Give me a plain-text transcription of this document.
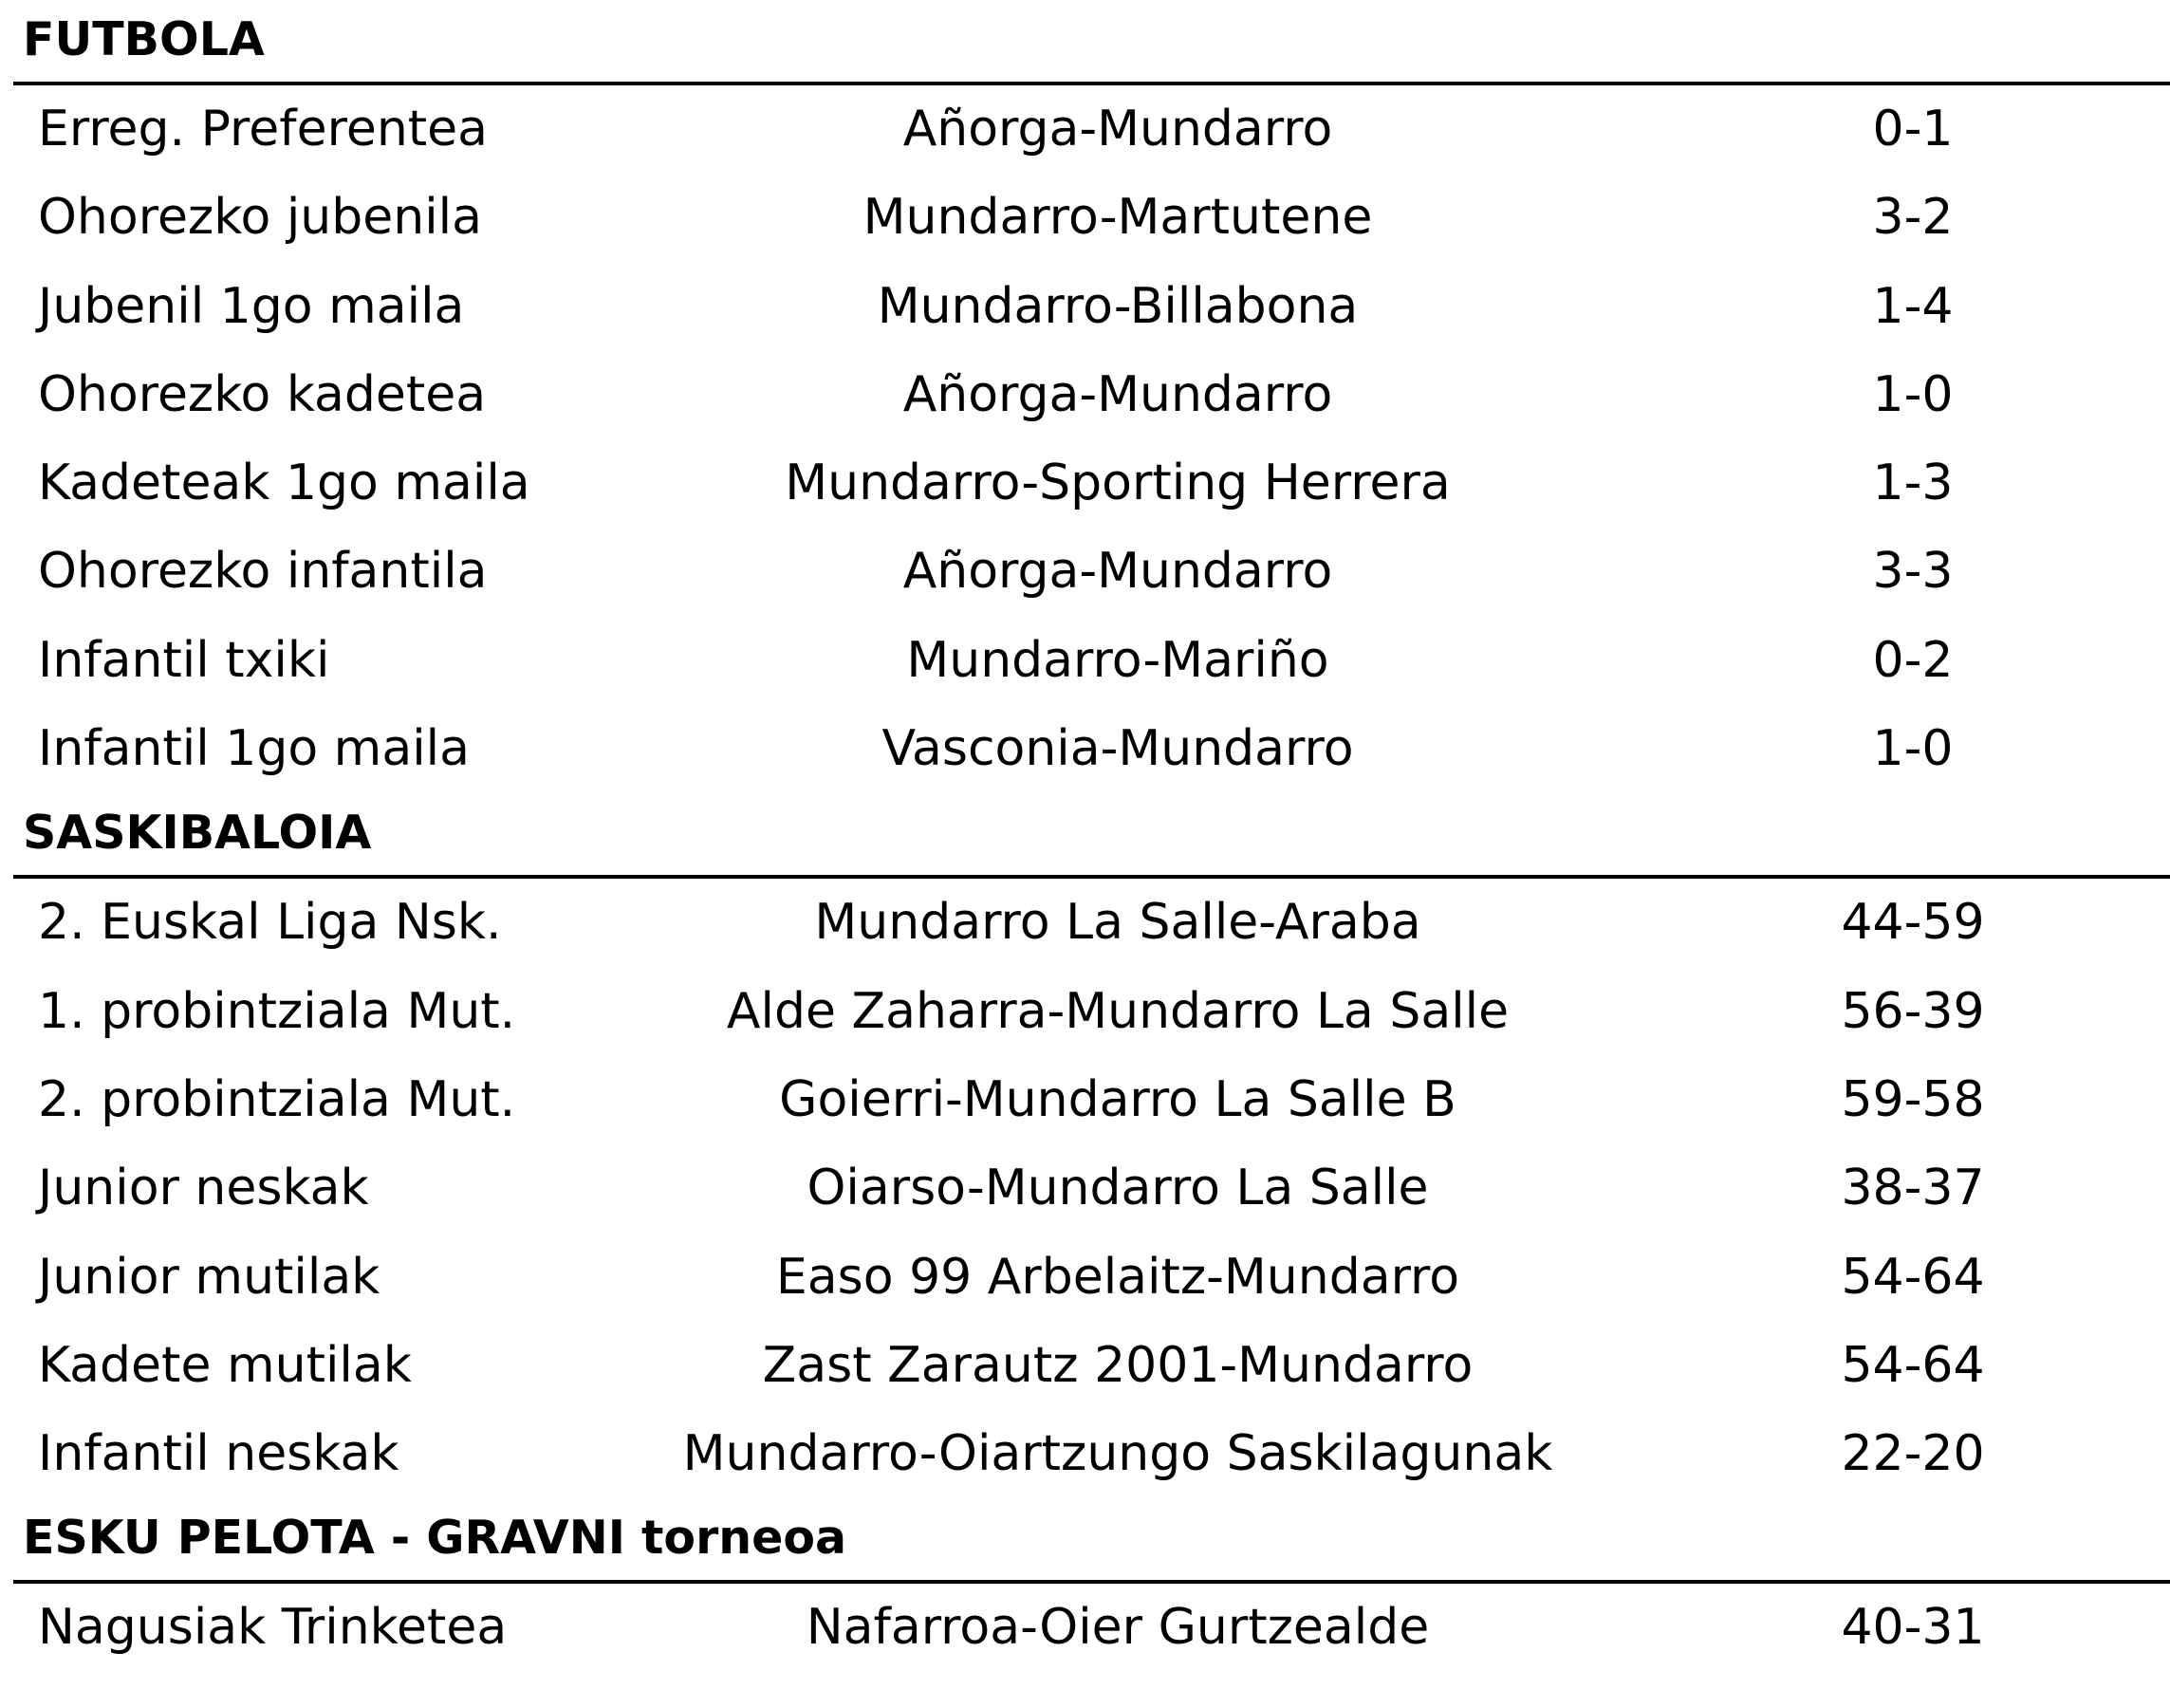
FUTBOLA
Erreg. Preferentea	Añorga-Mundarro	0-1
Ohorezko jubenila	Mundarro-Martutene	3-2
Jubenil 1go maila	Mundarro-Billabona	1-4
Ohorezko kadetea	Añorga-Mundarro	1-0
Kadeteak 1go maila	Mundarro-Sporting Herrera	1-3
Ohorezko infantila	Añorga-Mundarro	3-3
Infantil txiki	Mundarro-Mariño	0-2
Infantil 1go maila	Vasconia-Mundarro	1-0
SASKIBALOIA
2. Euskal Liga Nsk.	Mundarro La Salle-Araba	44-59
1. probintziala Mut.	Alde Zaharra-Mundarro La Salle	56-39
2. probintziala Mut.	Goierri-Mundarro La Salle B	59-58
Junior neskak	Oiarso-Mundarro La Salle	38-37
Junior mutilak	Easo 99 Arbelaitz-Mundarro	54-64
Kadete mutilak	Zast Zarautz 2001-Mundarro	54-64
Infantil neskak	Mundarro-Oiartzungo Saskilagunak	22-20
ESKU PELOTA - GRAVNI torneoa
Nagusiak Trinketea	Nafarroa-Oier Gurtzealde	40-31
